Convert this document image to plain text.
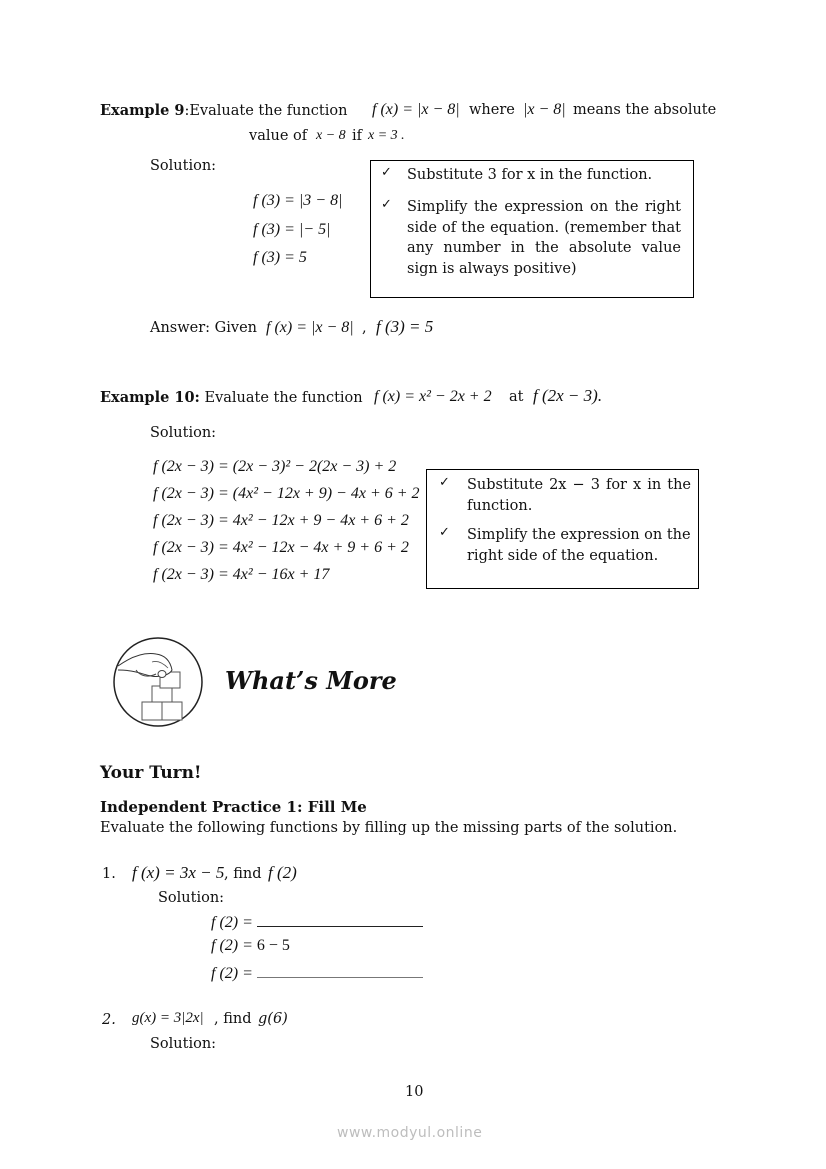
Example 9:Evaluate the function f (x) = |x − 8| where |x − 8| means the absolute
value of x − 8 if x = 3 .
Solution:
f (3) = |3 − 8|
f (3) = |− 5|
f (3) = 5
✓	Substitute 3 for x in the function.
✓	Simplify the expression on the right side of the equation. (remember that any number in the absolute value sign is always positive)
Answer: Given f (x) = |x − 8| , f (3) = 5
Example 10: Evaluate the function f (x) = x² − 2x + 2 at f (2x − 3).
Solution:
f (2x − 3) = (2x − 3)² − 2(2x − 3) + 2
f (2x − 3) = (4x² − 12x + 9) − 4x + 6 + 2
f (2x − 3) = 4x² − 12x + 9 − 4x + 6 + 2
f (2x − 3) = 4x² − 12x − 4x + 9 + 6 + 2
f (2x − 3) = 4x² − 16x + 17
✓	Substitute 2x − 3 for x in the function.
✓	Simplify the expression on the right side of the equation.
What’s More
Your Turn!
Independent Practice 1: Fill Me
Evaluate the following functions by filling up the missing parts of the solution.
1. f (x) = 3x − 5 , find f (2)
Solution:
f (2) =
f (2) = 6 − 5
f (2) =
2. g(x) = 3|2x| , find g(6)
Solution:
10
www.modyul.online
